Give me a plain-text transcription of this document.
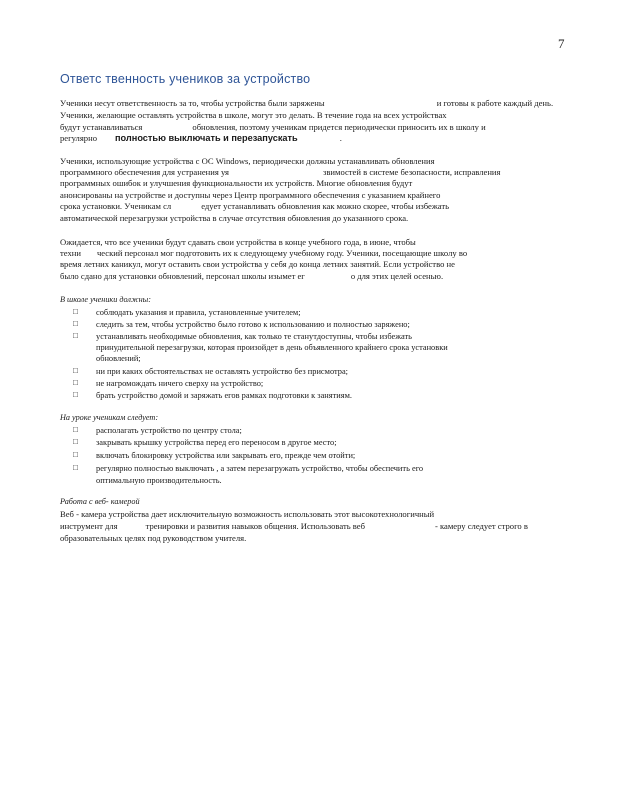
7
Ответс твенность учеников за устройство
Ученики несут ответственность за то, чтобы устройства были заряжены	и готовы к работе каждый день.
Ученики, желающие оставлять устройства в школе, могут это делать. В течение года на всех устройствах
будут устанавливаться	обновления, поэтому ученикам придется периодически приносить их в школу и
регулярно полностью выключать и перезапускать	.
Ученики, использующие устройства с ОС Windows, периодически должны устанавливать обновления
программного обеспечения для устранения уя	звимостей в системе безопасности, исправления
программных ошибок и улучшения функциональности их устройств. Многие обновления будут
анонсированы на устройстве и доступны через Центр программного обеспечения с указанием крайнего
срока установки. Ученикам сл	едует устанавливать обновления как можно скорее, чтобы избежать
автоматической перезагрузки устройства в случае отсутствия обновления до указанного срока.
Ожидается, что все ученики будут сдавать свои устройства в конце учебного года, в июне, чтобы
техни ческий персонал мог подготовить их к следующему учебному году. Ученики, посещающие школу во
время летних каникул, могут оставить свои устройства у себя до конца летних занятий. Если устройство не
было сдано для установки обновлений, персонал школы изымет ег	о для этих целей осенью.
В школе ученики должны:
□ соблюдать указания и правила, установленные учителем;
□ следить за тем, чтобы устройство было готово к использованию и полностью заряжено;
□ устанавливать необходимые обновления, как только те станутдоступны, чтобы избежать
принудительной перезагрузки, которая произойдет в день объявленного крайнего срока установки
обновлений;
□ ни при каких обстоятельствах не оставлять устройство без присмотра;
□ не нагромождать ничего сверху на устройство;
□ брать устройство домой и заряжать егов рамках подготовки к занятиям.
На уроке ученикам следует:
□ располагать устройство по центру стола;
□ закрывать крышку устройства перед его переносом в другое место;
□ включать блокировку устройства или закрывать его, прежде чем отойти;
□ регулярно полностью выключать , а затем перезагружать устройство, чтобы обеспечить его
оптимальную производительность.
Работа с веб- камерой
Веб - камера устройства дает исключительную возможность использовать этот высокотехнологичный
инструмент для	тренировки и развития навыков общения. Использовать веб	- камеру следует строго в
образовательных целях под руководством учителя.
